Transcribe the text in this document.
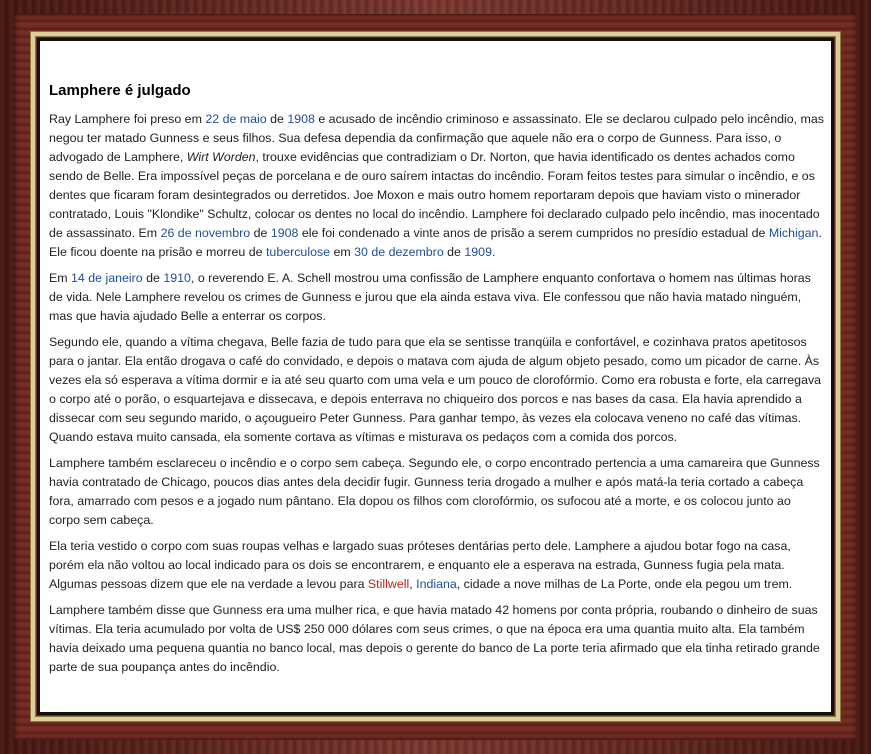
Lamphere é julgado

Ray Lamphere foi preso em 22 de maio de 1908 e acusado de incêndio criminoso e assassinato. Ele se declarou culpado pelo incêndio, mas negou ter matado Gunness e seus filhos. Sua defesa dependia da confirmação que aquele não era o corpo de Gunness. Para isso, o advogado de Lamphere, Wirt Worden, trouxe evidências que contradiziam o Dr. Norton, que havia identificado os dentes achados como sendo de Belle. Era impossível peças de porcelana e de ouro saírem intactas do incêndio. Foram feitos testes para simular o incêndio, e os dentes que ficaram foram desintegrados ou derretidos. Joe Moxon e mais outro homem reportaram depois que haviam visto o minerador contratado, Louis "Klondike" Schultz, colocar os dentes no local do incêndio. Lamphere foi declarado culpado pelo incêndio, mas inocentado de assassinato. Em 26 de novembro de 1908 ele foi condenado a vinte anos de prisão a serem cumpridos no presídio estadual de Michigan. Ele ficou doente na prisão e morreu de tuberculose em 30 de dezembro de 1909.

Em 14 de janeiro de 1910, o reverendo E. A. Schell mostrou uma confissão de Lamphere enquanto confortava o homem nas últimas horas de vida. Nele Lamphere revelou os crimes de Gunness e jurou que ela ainda estava viva. Ele confessou que não havia matado ninguém, mas que havia ajudado Belle a enterrar os corpos.

Segundo ele, quando a vítima chegava, Belle fazia de tudo para que ela se sentisse tranqüila e confortável, e cozinhava pratos apetitosos para o jantar. Ela então drogava o café do convidado, e depois o matava com ajuda de algum objeto pesado, como um picador de carne. Às vezes ela só esperava a vítima dormir e ia até seu quarto com uma vela e um pouco de clorofórmio. Como era robusta e forte, ela carregava o corpo até o porão, o esquartejava e dissecava, e depois enterrava no chiqueiro dos porcos e nas bases da casa. Ela havia aprendido a dissecar com seu segundo marido, o açougueiro Peter Gunness. Para ganhar tempo, às vezes ela colocava veneno no café das vítimas. Quando estava muito cansada, ela somente cortava as vítimas e misturava os pedaços com a comida dos porcos.

Lamphere também esclareceu o incêndio e o corpo sem cabeça. Segundo ele, o corpo encontrado pertencia a uma camareira que Gunness havia contratado de Chicago, poucos dias antes dela decidir fugir. Gunness teria drogado a mulher e após matá-la teria cortado a cabeça fora, amarrado com pesos e a jogado num pântano. Ela dopou os filhos com clorofórmio, os sufocou até a morte, e os colocou junto ao corpo sem cabeça.

Ela teria vestido o corpo com suas roupas velhas e largado suas próteses dentárias perto dele. Lamphere a ajudou botar fogo na casa, porém ela não voltou ao local indicado para os dois se encontrarem, e enquanto ele a esperava na estrada, Gunness fugia pela mata. Algumas pessoas dizem que ele na verdade a levou para Stillwell, Indiana, cidade a nove milhas de La Porte, onde ela pegou um trem.

Lamphere também disse que Gunness era uma mulher rica, e que havia matado 42 homens por conta própria, roubando o dinheiro de suas vítimas. Ela teria acumulado por volta de US$ 250 000 dólares com seus crimes, o que na época era uma quantia muito alta. Ela também havia deixado uma pequena quantia no banco local, mas depois o gerente do banco de La porte teria afirmado que ela tinha retirado grande parte de sua poupança antes do incêndio.
